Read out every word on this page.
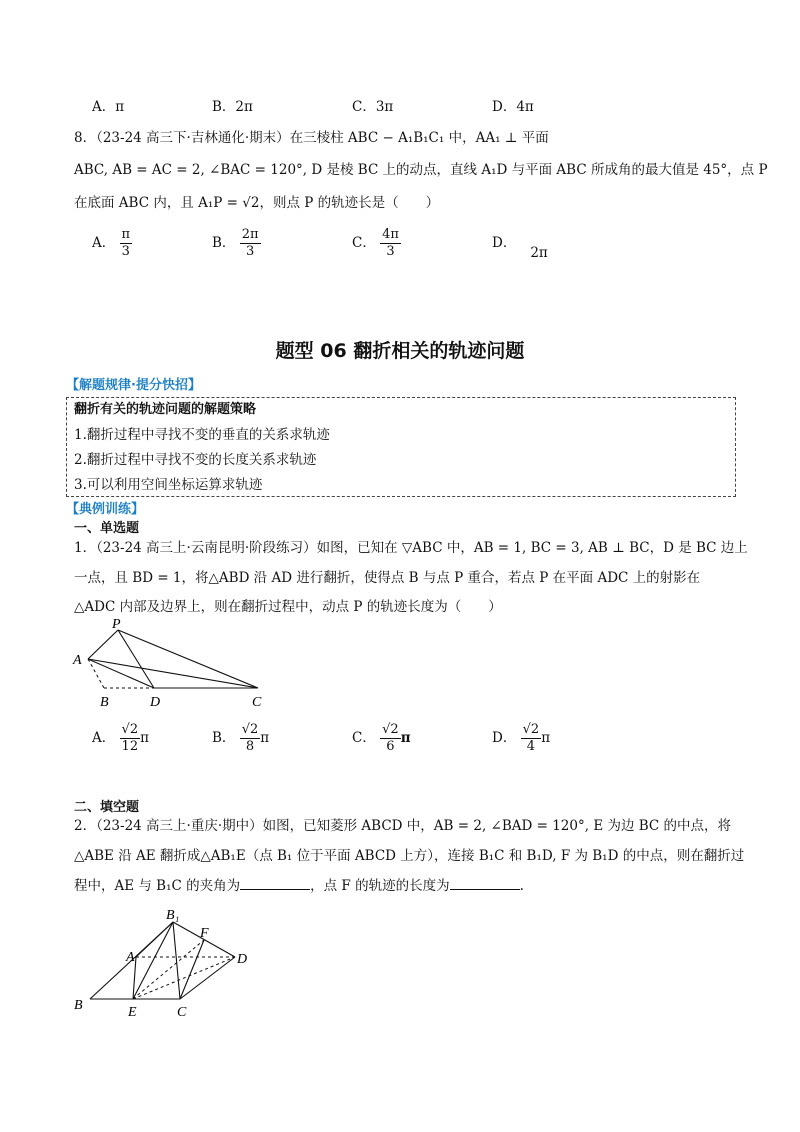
A．π	B．2π	C．3π	D．4π
8．（23-24 高三下·吉林通化·期末）在三棱柱 ABC − A₁B₁C₁ 中，AA₁ ⊥ 平面
ABC, AB = AC = 2, ∠BAC = 120°, D 是棱 BC 上的动点，直线 A₁D 与平面 ABC 所成角的最大值是 45°，点 P
在底面 ABC 内，且 A₁P = √2，则点 P 的轨迹长是（　　）
A． $\frac{\pi}{3}$	B． $\frac{2\pi}{3}$	C． $\frac{4\pi}{3}$	D．2π
题型 06 翻折相关的轨迹问题
【解题规律·提分快招】
翻折有关的轨迹问题的解题策略
1.翻折过程中寻找不变的垂直的关系求轨迹
2.翻折过程中寻找不变的长度关系求轨迹
3.可以利用空间坐标运算求轨迹
【典例训练】
一、单选题
1．（23-24 高三上·云南昆明·阶段练习）如图，已知在 ▽ABC 中，AB = 1, BC = 3, AB ⊥ BC，D 是 BC 边上
一点，且 BD = 1，将△ABD 沿 AD 进行翻折，使得点 B 与点 P 重合，若点 P 在平面 ADC 上的射影在
△ADC 内部及边界上，则在翻折过程中，动点 P 的轨迹长度为（　　）
P
A
B	D	C
A． $\frac{√2}{12}$ π	B． $\frac{√2}{8}$ π	C． $\frac{√2}{6}$ π	D． $\frac{√2}{4}$ π
二、填空题
2．（23-24 高三上·重庆·期中）如图，已知菱形 ABCD 中，AB = 2, ∠BAD = 120°, E 为边 BC 的中点，将
△ABE 沿 AE 翻折成△AB₁E（点 B₁ 位于平面 ABCD 上方），连接 B₁C 和 B₁D, F 为 B₁D 的中点，则在翻折过
程中，AE 与 B₁C 的夹角为	，点 F 的轨迹的长度为	.
B₁
F
A	D
B	E	C
